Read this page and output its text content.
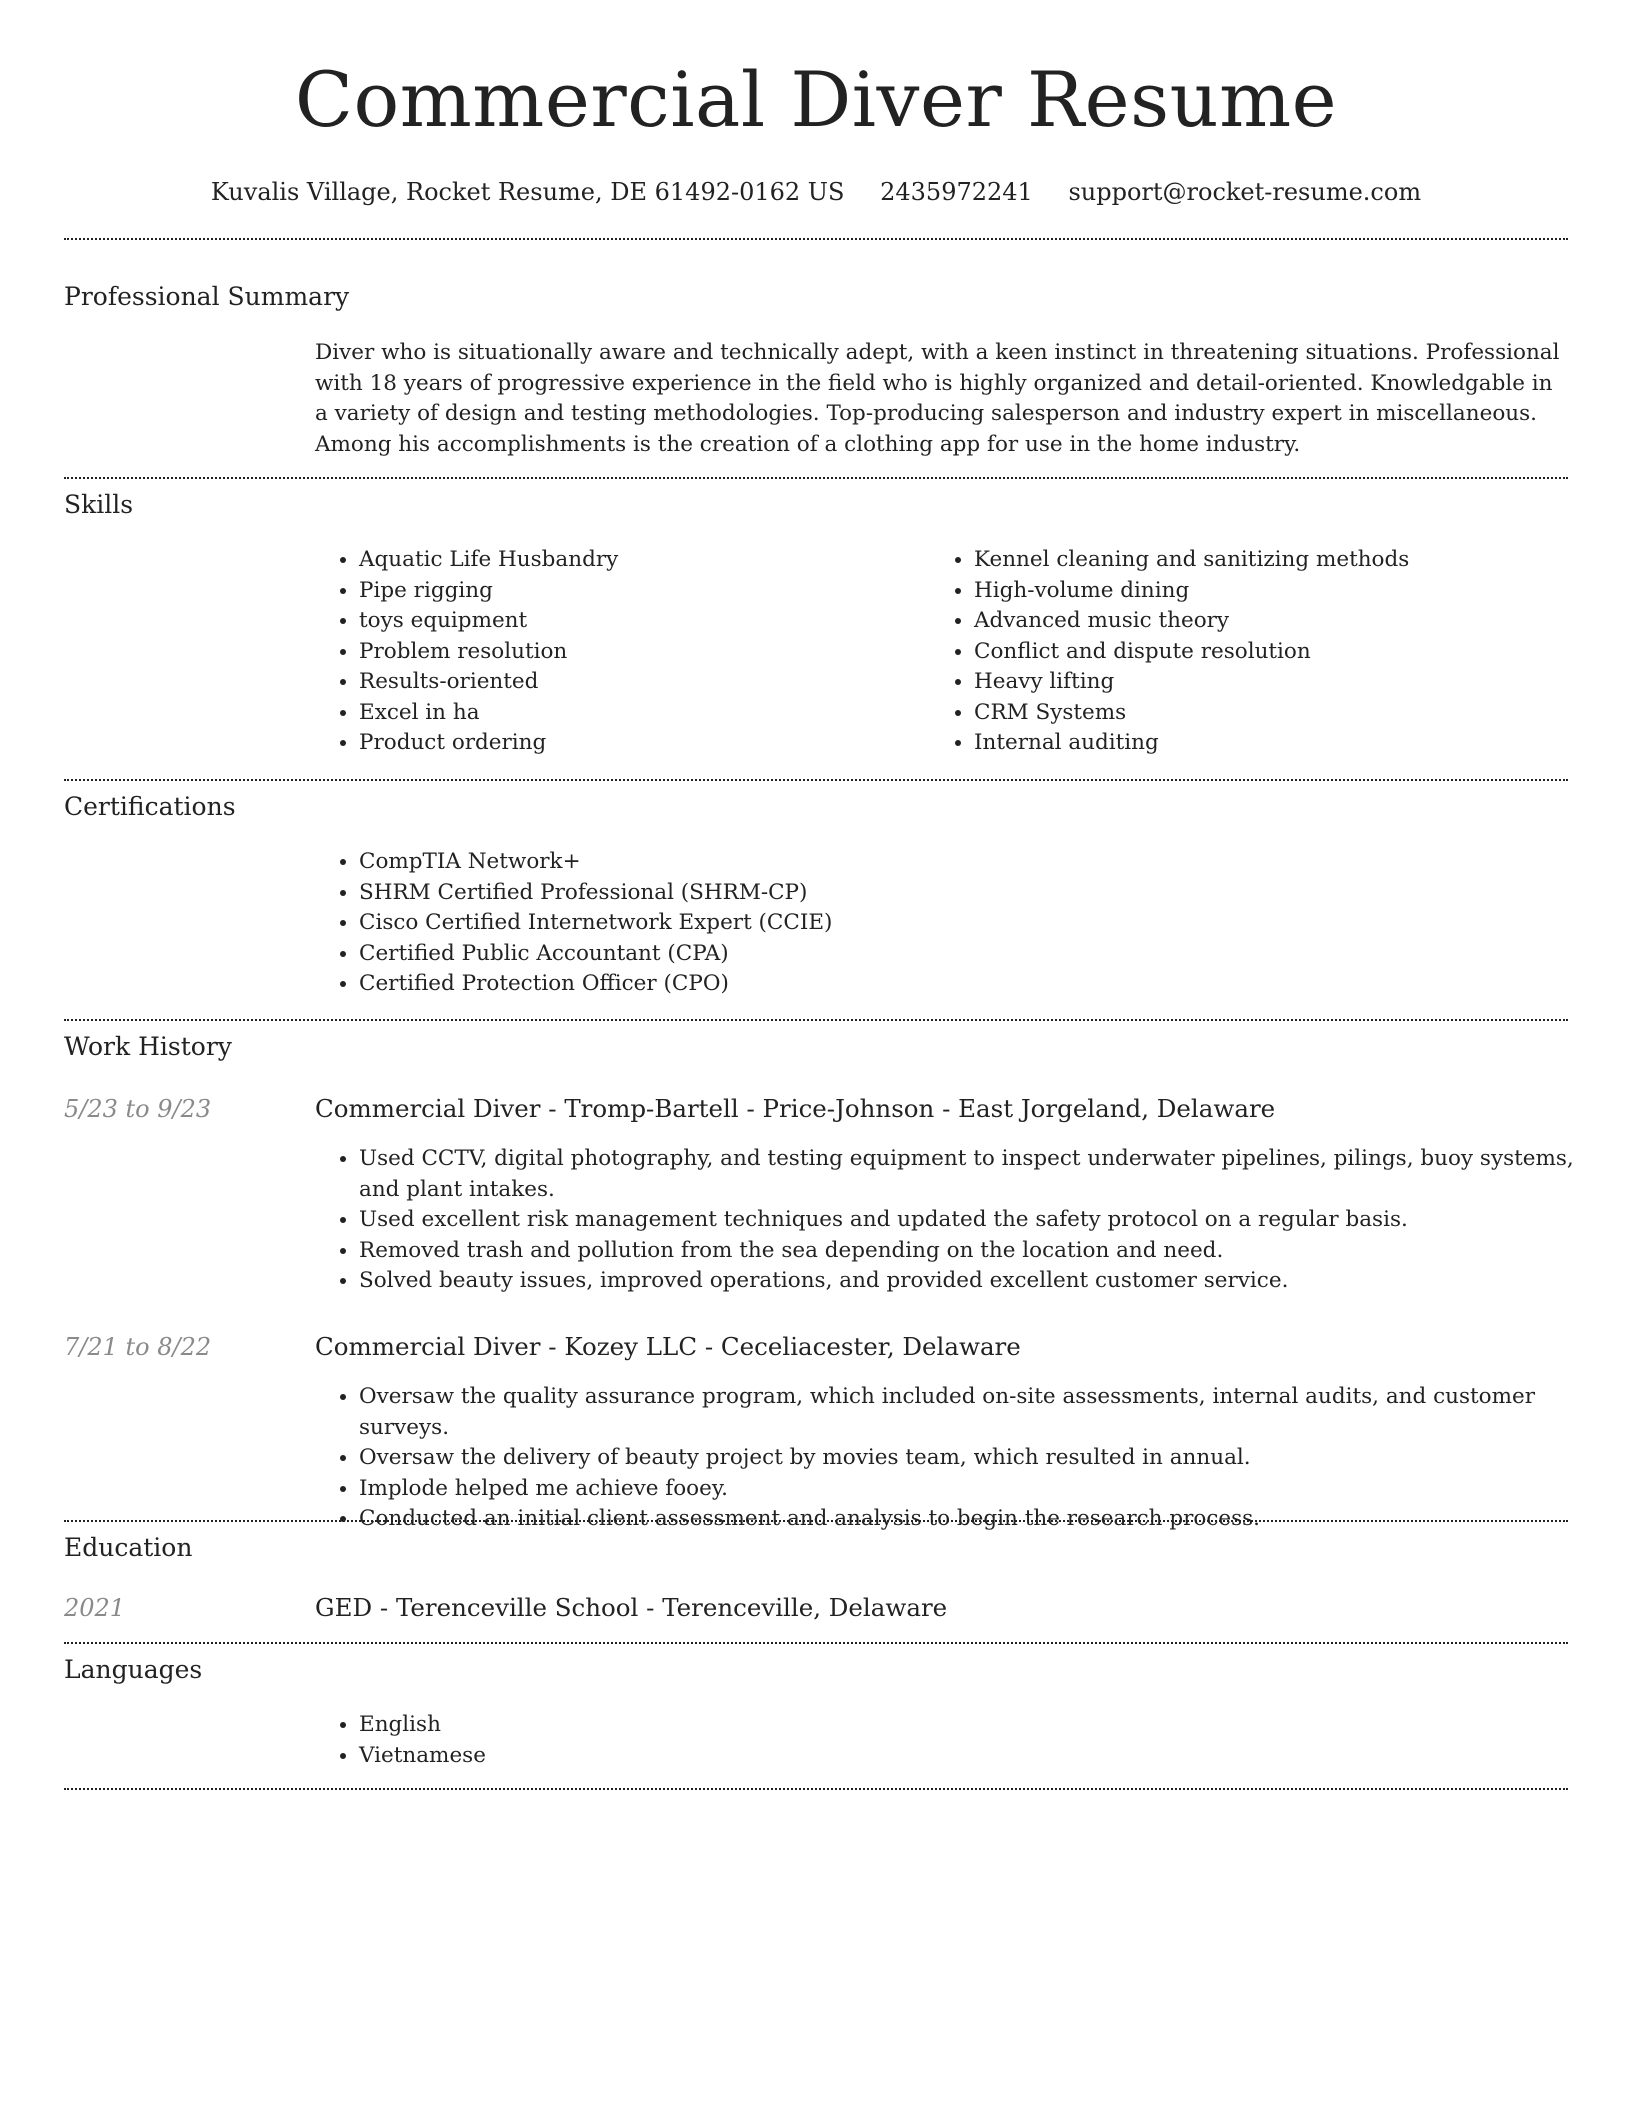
Commercial Diver Resume
Kuvalis Village, Rocket Resume, DE 61492-0162 US 2435972241 support@rocket-resume.com
Professional Summary
Diver who is situationally aware and technically adept, with a keen instinct in threatening situations. Professional with 18 years of progressive experience in the field who is highly organized and detail-oriented. Knowledgable in a variety of design and testing methodologies. Top-producing salesperson and industry expert in miscellaneous. Among his accomplishments is the creation of a clothing app for use in the home industry.
Skills
• Aquatic Life Husbandry
• Pipe rigging
• toys equipment
• Problem resolution
• Results-oriented
• Excel in ha
• Product ordering
• Kennel cleaning and sanitizing methods
• High-volume dining
• Advanced music theory
• Conflict and dispute resolution
• Heavy lifting
• CRM Systems
• Internal auditing
Certifications
• CompTIA Network+
• SHRM Certified Professional (SHRM-CP)
• Cisco Certified Internetwork Expert (CCIE)
• Certified Public Accountant (CPA)
• Certified Protection Officer (CPO)
Work History
5/23 to 9/23	Commercial Diver - Tromp-Bartell - Price-Johnson - East Jorgeland, Delaware
• Used CCTV, digital photography, and testing equipment to inspect underwater pipelines, pilings, buoy systems, and plant intakes.
• Used excellent risk management techniques and updated the safety protocol on a regular basis.
• Removed trash and pollution from the sea depending on the location and need.
• Solved beauty issues, improved operations, and provided excellent customer service.
7/21 to 8/22	Commercial Diver - Kozey LLC - Ceceliacester, Delaware
• Oversaw the quality assurance program, which included on-site assessments, internal audits, and customer surveys.
• Oversaw the delivery of beauty project by movies team, which resulted in annual.
• Implode helped me achieve fooey.
• Conducted an initial client assessment and analysis to begin the research process.
Education
2021	GED - Terenceville School - Terenceville, Delaware
Languages
• English
• Vietnamese
